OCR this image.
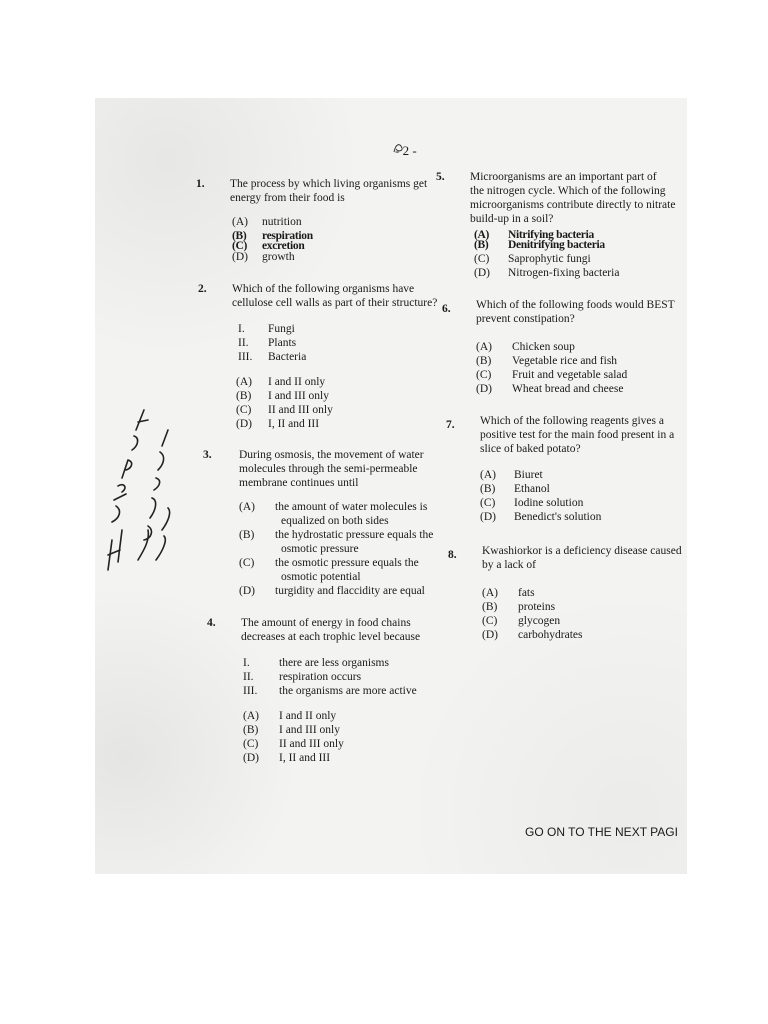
- 2 -
1. The process by which living organisms get
energy from their food is
(A) nutrition
(B) respiration
(C) excretion
(D) growth
2. Which of the following organisms have
cellulose cell walls as part of their structure?
I. Fungi
II. Plants
III. Bacteria
(A) I and II only
(B) I and III only
(C) II and III only
(D) I, II and III
3. During osmosis, the movement of water
molecules through the semi-permeable
membrane continues until
(A) the amount of water molecules is
equalized on both sides
(B) the hydrostatic pressure equals the
osmotic pressure
(C) the osmotic pressure equals the
osmotic potential
(D) turgidity and flaccidity are equal
4. The amount of energy in food chains
decreases at each trophic level because
I.	there are less organisms
II. respiration occurs
III. the organisms are more active
(A) I and II only
(B) I and III only
(C) II and III only
(D) I, II and III
5. Microorganisms are an important part of
the nitrogen cycle. Which of the following
microorganisms contribute directly to nitrate
build-up in a soil?
(A) Nitrifying bacteria
(B) Denitrifying bacteria
(C) Saprophytic fungi
(D) Nitrogen-fixing bacteria
6. Which of the following foods would BEST
prevent constipation?
(A) Chicken soup
(B) Vegetable rice and fish
(C) Fruit and vegetable salad
(D) Wheat bread and cheese
7. Which of the following reagents gives a
positive test for the main food present in a
slice of baked potato?
(A) Biuret
(B) Ethanol
(C) Iodine solution
(D) Benedict's solution
8. Kwashiorkor is a deficiency disease caused
by a lack of
(A) fats
(B) proteins
(C) glycogen
(D) carbohydrates
GO ON TO THE NEXT PAGI
